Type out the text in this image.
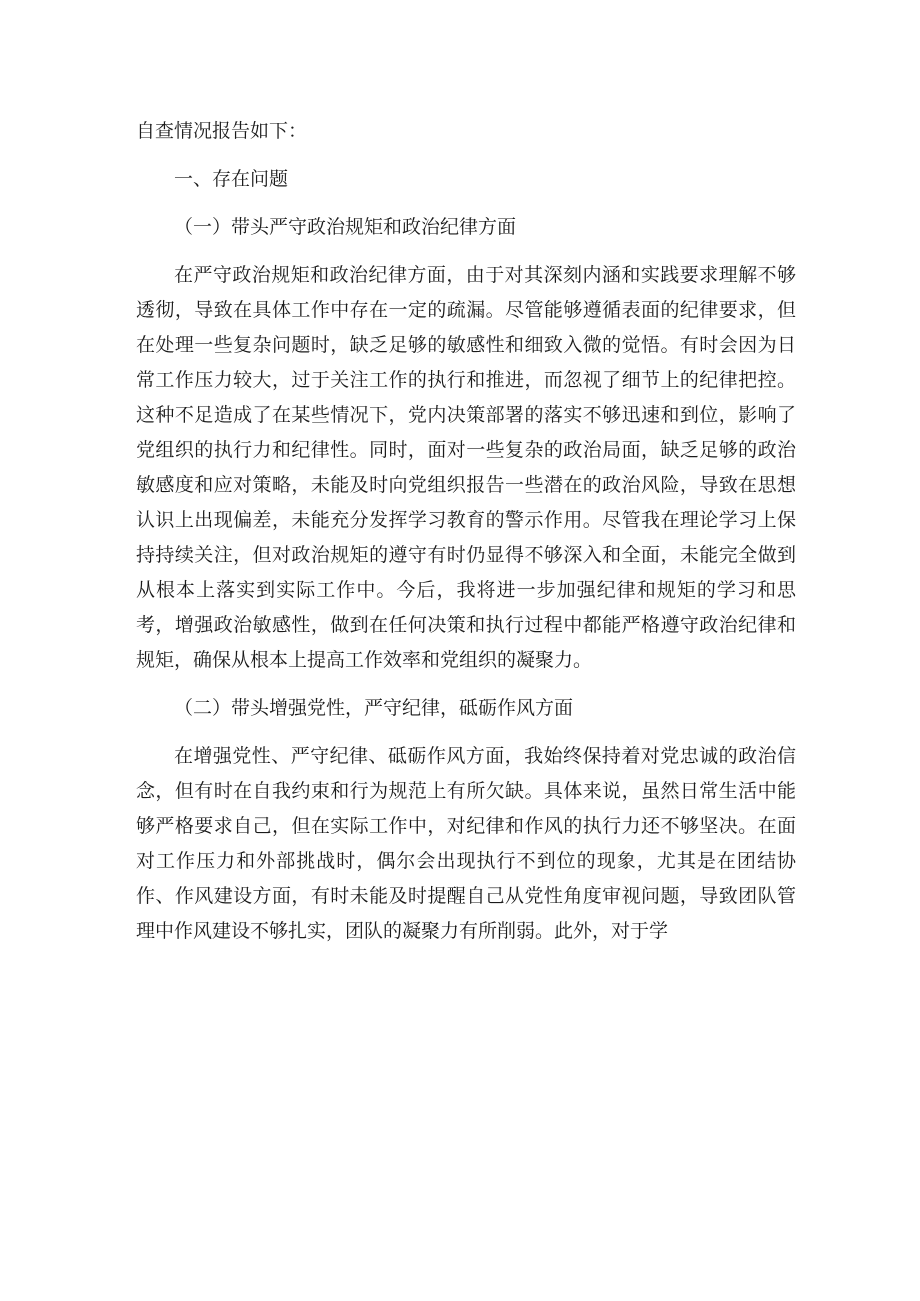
自查情况报告如下：

一、存在问题

（一）带头严守政治规矩和政治纪律方面

在严守政治规矩和政治纪律方面，由于对其深刻内涵和实践要求理解不够透彻，导致在具体工作中存在一定的疏漏。尽管能够遵循表面的纪律要求，但在处理一些复杂问题时，缺乏足够的敏感性和细致入微的觉悟。有时会因为日常工作压力较大，过于关注工作的执行和推进，而忽视了细节上的纪律把控。这种不足造成了在某些情况下，党内决策部署的落实不够迅速和到位，影响了党组织的执行力和纪律性。同时，面对一些复杂的政治局面，缺乏足够的政治敏感度和应对策略，未能及时向党组织报告一些潜在的政治风险，导致在思想认识上出现偏差，未能充分发挥学习教育的警示作用。尽管我在理论学习上保持持续关注，但对政治规矩的遵守有时仍显得不够深入和全面，未能完全做到从根本上落实到实际工作中。今后，我将进一步加强纪律和规矩的学习和思考，增强政治敏感性，做到在任何决策和执行过程中都能严格遵守政治纪律和规矩，确保从根本上提高工作效率和党组织的凝聚力。

（二）带头增强党性，严守纪律，砥砺作风方面

在增强党性、严守纪律、砥砺作风方面，我始终保持着对党忠诚的政治信念，但有时在自我约束和行为规范上有所欠缺。具体来说，虽然日常生活中能够严格要求自己，但在实际工作中，对纪律和作风的执行力还不够坚决。在面对工作压力和外部挑战时，偶尔会出现执行不到位的现象，尤其是在团结协作、作风建设方面，有时未能及时提醒自己从党性角度审视问题，导致团队管理中作风建设不够扎实，团队的凝聚力有所削弱。此外，对于学
